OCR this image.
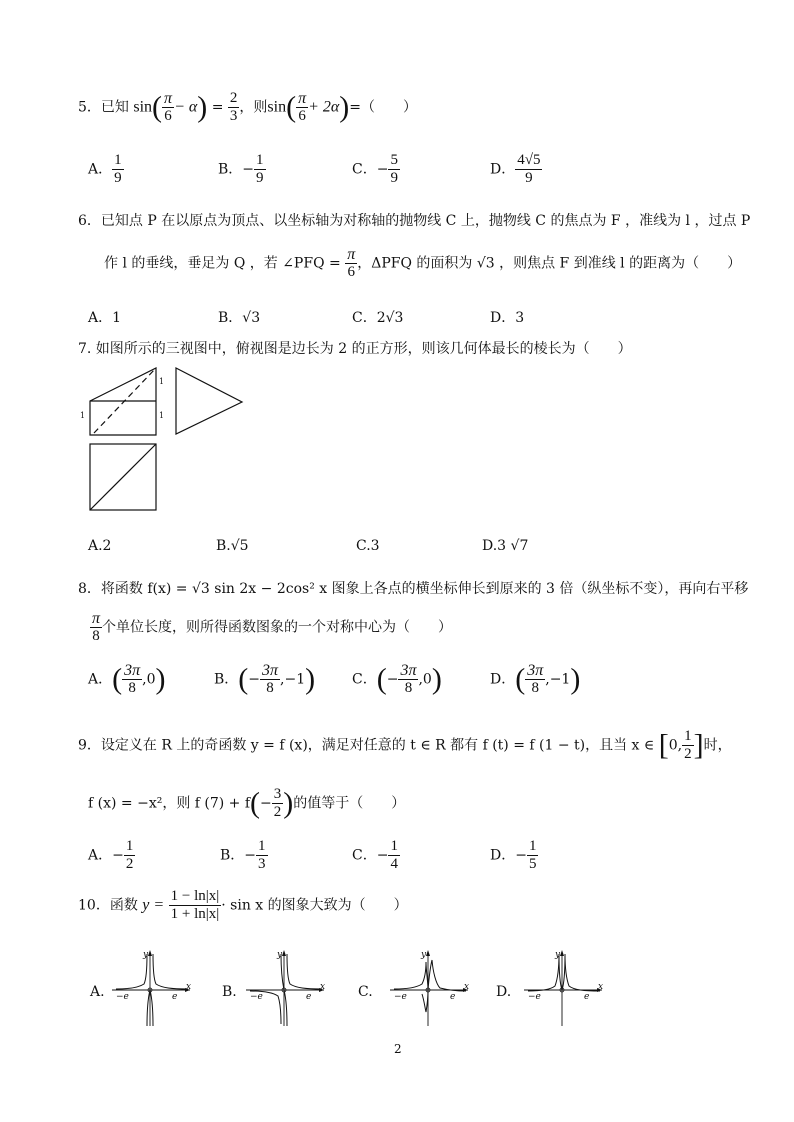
5．已知 $\sin( \frac{\pi}{6} - \alpha) = \frac{2}{3}$ ，则$\sin( \frac{\pi}{6} + 2\alpha)=$（　　）
A． $\frac{1}{9}$	B．− $\frac{1}{9}$	C．− $\frac{5}{9}$	D． $\frac{4√5}{9}$
6．已知点 P 在以原点为顶点、以坐标轴为对称轴的抛物线 C 上，抛物线 C 的焦点为 F ，准线为 l ，过点 P
作 l 的垂线，垂足为 Q ，若 ∠PFQ = $\frac{\pi}{6}$ ，ΔPFQ 的面积为 √3 ，则焦点 F 到准线 l 的距离为（　　）
A．1	B．√3	C．2√3	D．3
7. 如图所示的三视图中，俯视图是边长为 2 的正方形，则该几何体最长的棱长为（　　）
1
1
1
A.2	B.√5	C.3	D.3 √7
8．将函数 f(x) = √3 sin 2x − 2cos² x 图象上各点的横坐标伸长到原来的 3 倍（纵坐标不变），再向右平移
$\frac{\pi}{8}$ 个单位长度，则所得函数图象的一个对称中心为（　　）
A．( $\frac{3\pi}{8} ,0$)	B．(− $\frac{3\pi}{8} ,-1$)	C．(− $\frac{3\pi}{8} ,0$)	D．( $\frac{3\pi}{8} ,-1$)
9．设定义在 R 上的奇函数 y = f (x)，满足对任意的 t ∈ R 都有 f (t) = f (1 − t)，且当 x ∈ [0, $\frac{1}{2}$ ]时，
f (x) = −x²，则 f $(7) + f(- \frac{3}{2}$ )的值等于（　　）
A．− $\frac{1}{2}$	B．− $\frac{1}{3}$	C．− $\frac{1}{4}$	D．− $\frac{1}{5}$
10．函数 $y = \frac{1 - \ln|x|}{1 + \ln|x|} \cdot \sin x$ 的图象大致为（　　）
A.
y
x
−e	e	B.
y
x
−e	e	C.
y
x
−e	e	D.
y
x
−e	e
2
